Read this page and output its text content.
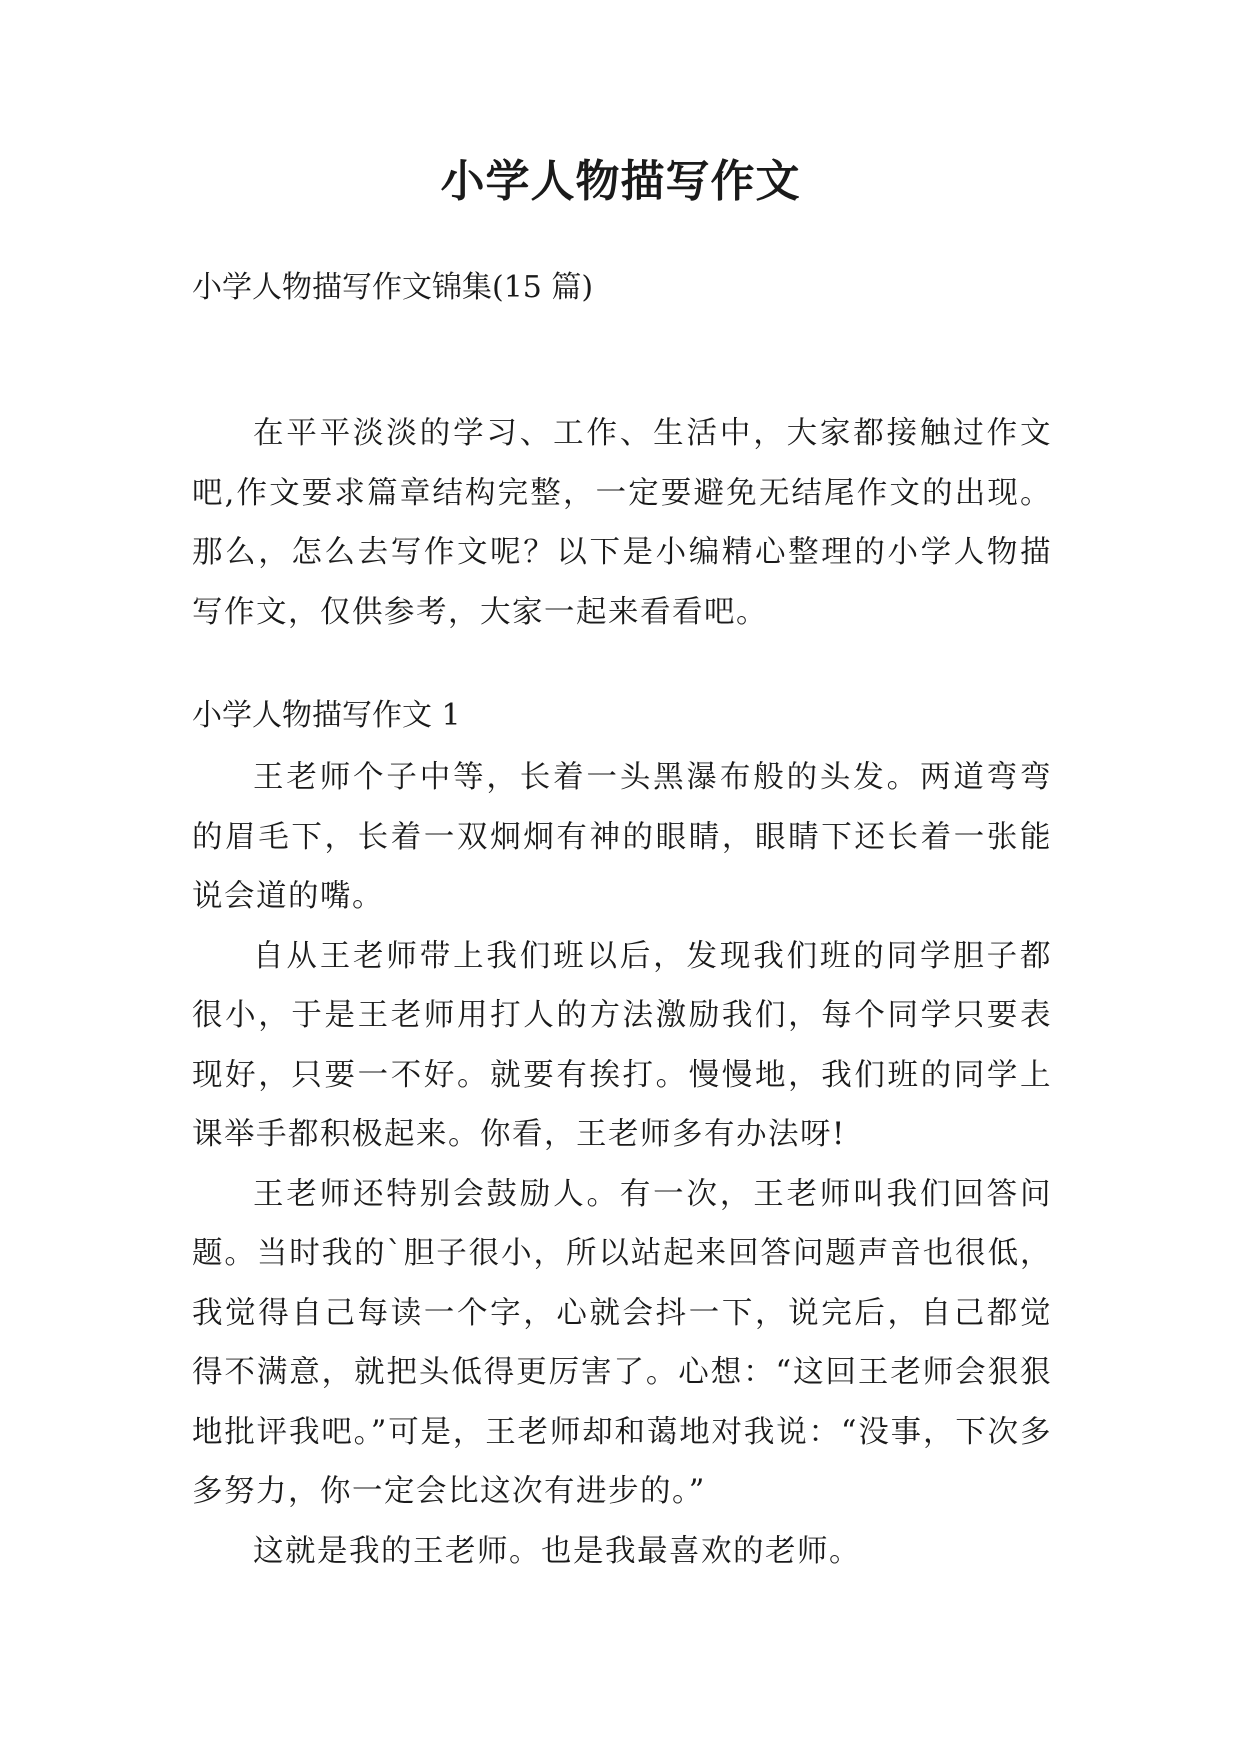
小学人物描写作文

小学人物描写作文锦集(15 篇)

在平平淡淡的学习、工作、生活中，大家都接触过作文吧,作文要求篇章结构完整，一定要避免无结尾作文的出现。那么，怎么去写作文呢？以下是小编精心整理的小学人物描写作文，仅供参考，大家一起来看看吧。

小学人物描写作文 1

王老师个子中等，长着一头黑瀑布般的头发。两道弯弯的眉毛下，长着一双炯炯有神的眼睛，眼睛下还长着一张能说会道的嘴。

自从王老师带上我们班以后，发现我们班的同学胆子都很小，于是王老师用打人的方法激励我们，每个同学只要表现好，只要一不好。就要有挨打。慢慢地，我们班的同学上课举手都积极起来。你看，王老师多有办法呀!

王老师还特别会鼓励人。有一次，王老师叫我们回答问题。当时我的`胆子很小，所以站起来回答问题声音也很低，我觉得自己每读一个字，心就会抖一下，说完后，自己都觉得不满意，就把头低得更厉害了。心想：“这回王老师会狠狠地批评我吧。”可是，王老师却和蔼地对我说：“没事，下次多多努力，你一定会比这次有进步的。”

这就是我的王老师。也是我最喜欢的老师。
